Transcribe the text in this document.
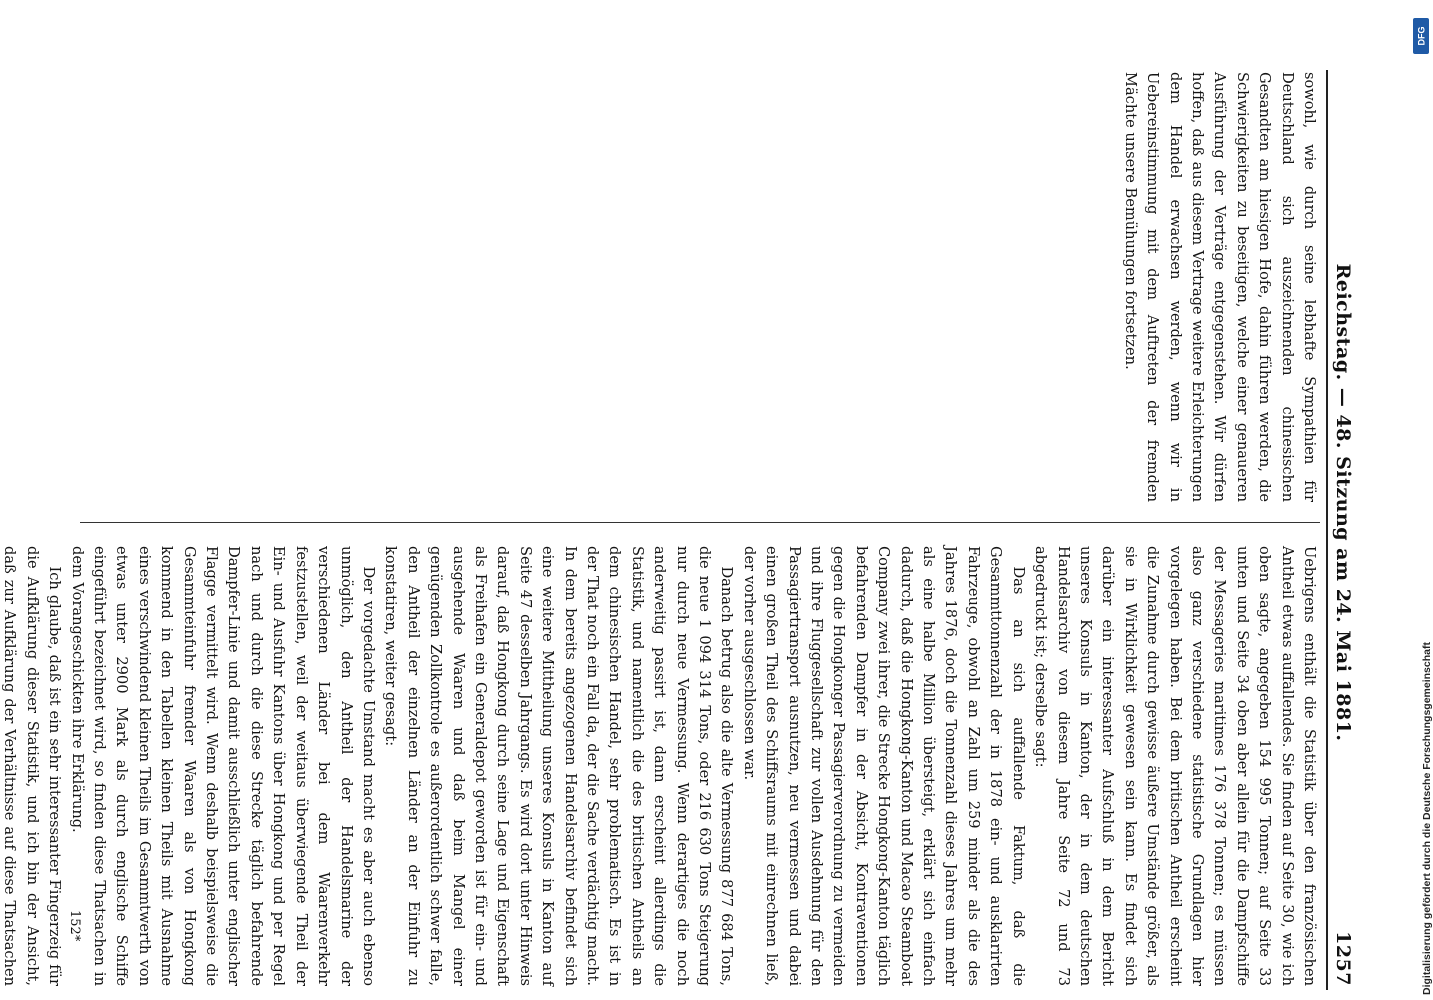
Reichstag. — 48. Sitzung am 24. Mai 1881.
1257

sowohl, wie durch seine lebhafte Sympathien für Deutschland sich auszeichnenden chinesischen Gesandten am hiesigen Hofe, dahin führen werden, die Schwierigkeiten zu beseitigen, welche einer genaueren Ausführung der Verträge entgegenstehen. Wir dürfen hoffen, daß aus diesem Vertrage weitere Erleichterungen dem Handel erwachsen werden, wenn wir in Uebereinstimmung mit dem Auftreten der fremden Mächte unsere Bemühungen fortsetzen.

Uebrigens enthält die Statistik über den französischen Antheil etwas auffallendes. Sie finden auf Seite 30, wie ich oben sagte, angegeben 154 995 Tonnen; auf Seite 33 unten und Seite 34 oben aber allein für die Dampfschiffe der Messageries maritimes 176 378 Tonnen; es müssen also ganz verschiedene statistische Grundlagen hier vorgelegen haben. Bei dem britischen Antheil erscheint die Zunahme durch gewisse äußere Umstände größer, als sie in Wirklichkeit gewesen sein kann. Es findet sich darüber ein interessanter Aufschluß in dem Bericht unseres Konsuls in Kanton, der in dem deutschen Handelsarchiv von diesem Jahre Seite 72 und 73 abgedruckt ist; derselbe sagt:

Das an sich auffallende Faktum, daß die Gesammttonnenzahl der in 1878 ein- und ausklarirten Fahrzeuge, obwohl an Zahl um 259 minder als die des Jahres 1876, doch die Tonnenzahl dieses Jahres um mehr als eine halbe Million übersteigt, erklärt sich einfach dadurch, daß die Hongkong-Kanton und Macao Steamboat Company zwei ihrer, die Strecke Hongkong-Kanton täglich befahrenden Dampfer in der Absicht, Kontraventionen gegen die Hongkonger Passagierverordnung zu vermeiden und ihre Fluggesellschaft zur vollen Ausdehnung für den Passagiertransport ausnutzen, neu vermessen und dabei einen großen Theil des Schiffsraums mit einrechnen ließ, der vorher ausgeschlossen war.

Danach betrug also die alte Vermessung 877 684 Tons, die neue 1 094 314 Tons, oder 216 630 Tons Steigerung nur durch neue Vermessung. Wenn derartiges die noch anderweitig passirt ist, dann erscheint allerdings die Statistik, und namentlich die des britischen Antheils an dem chinesischen Handel, sehr problematisch. Es ist in der That noch ein Fall da, der die Sache verdächtig macht. In dem bereits angezogenen Handelsarchiv befindet sich eine weitere Mittheilung unseres Konsuls in Kanton auf Seite 47 desselben Jahrgangs. Es wird dort unter Hinweis darauf, daß Hongkong durch seine Lage und Eigenschaft als Freihafen ein Generaldepot geworden ist für ein- und ausgehende Waaren und daß beim Mangel einer genügenden Zollkontrole es außerordentlich schwer falle, den Antheil der einzelnen Länder an der Einfuhr zu konstatiren, weiter gesagt:

Der vorgedachte Umstand macht es aber auch ebenso unmöglich, den Antheil der Handelsmarine der verschiedenen Länder bei dem Waarenverkehr festzustellen, weil der weitaus überwiegende Theil der Ein- und Ausfuhr Kantons über Hongkong und per Regel nach und durch die diese Strecke täglich befahrende Dampfer-Linie und damit ausschließlich unter englischer Flagge vermittelt wird. Wenn deshalb beispielsweise die Gesammteinfuhr fremder Waaren als von Hongkong kommend in den Tabellen kleinen Theils mit Ausnahme eines verschwindend kleinen Theils im Gesammtwerth von etwas unter 2900 Mark als durch englische Schiffe eingeführt bezeichnet wird, so finden diese Thatsachen in dem Vorangeschickten ihre Erklärung.

Ich glaube, daß ist ein sehr interessanter Fingerzeig für die Aufklärung dieser Statistik, und ich bin der Ansicht, daß zur Aufklärung der Verhältnisse auf diese Thatsachen	152*
DFG
Digitalisierung gefördert durch die Deutsche Forschungsgemeinschaft
